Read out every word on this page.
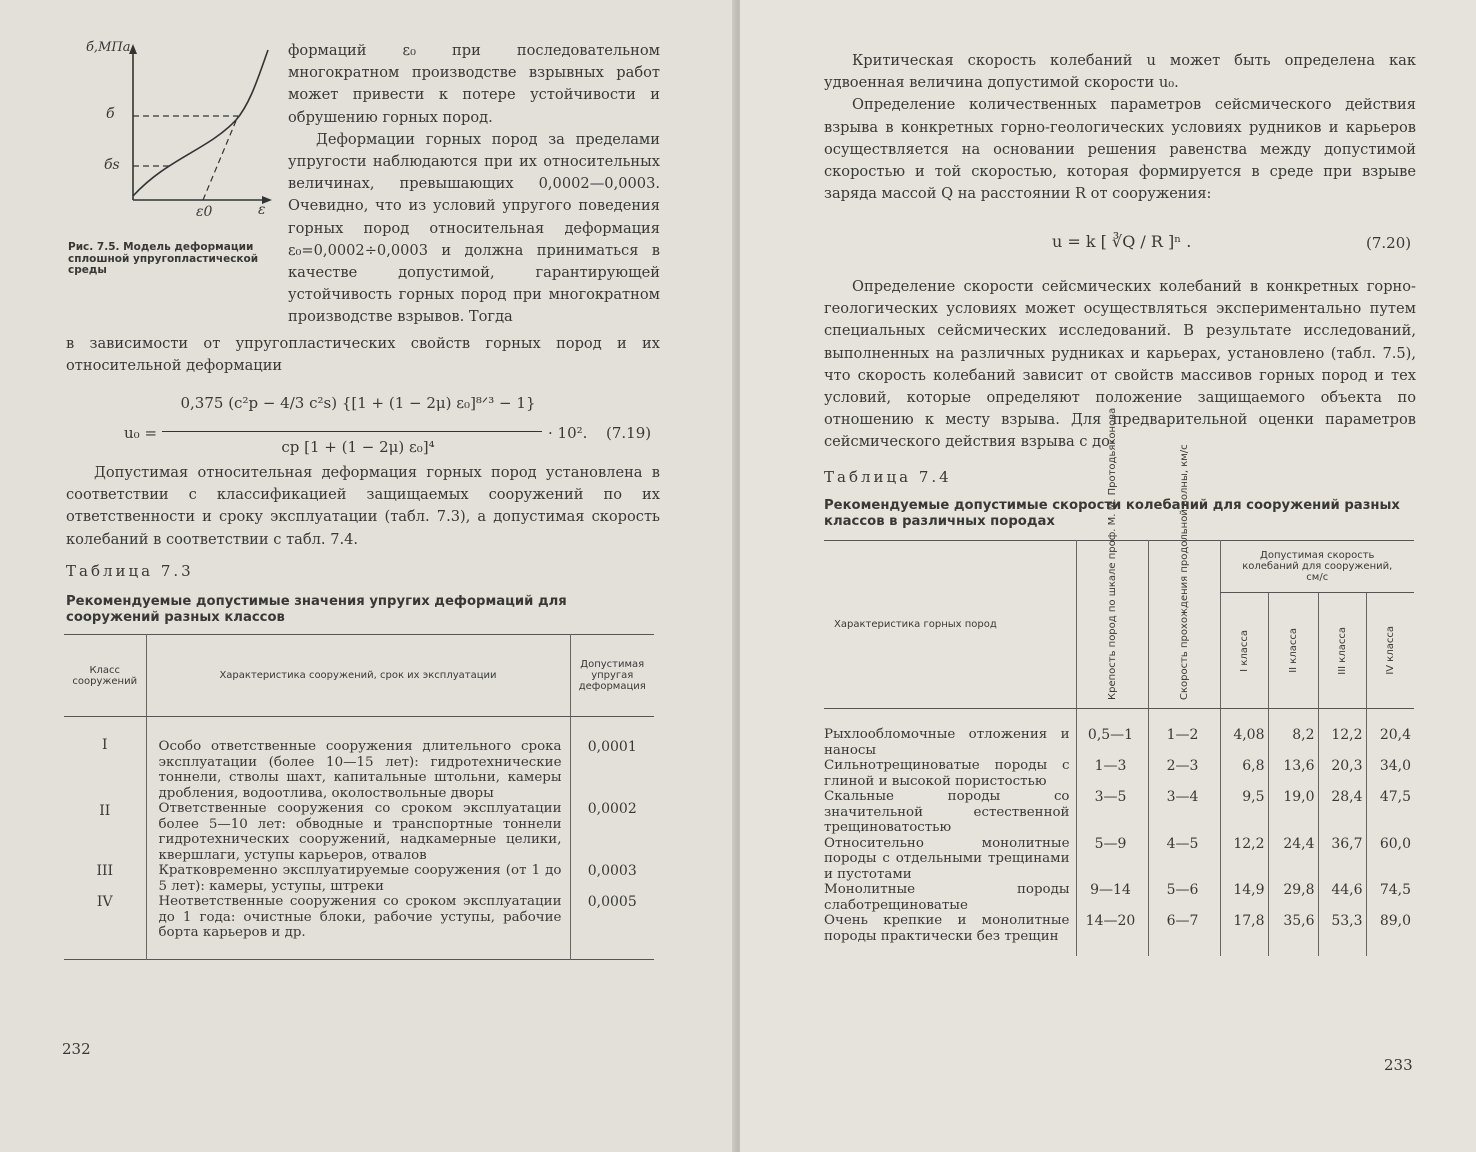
б,МПа
б̄
бs
ε0	ε
Рис. 7.5. Модель деформации сплошной упругопластической среды

формаций ε₀ при последовательном многократном производстве взрывных работ может привести к потере устойчивости и обрушению горных пород.

Деформации горных пород за пределами упругости наблюдаются при их относительных величинах, превышающих 0,0002—0,0003. Очевидно, что из условий упругого поведения горных пород относительная деформация ε₀=0,0002÷0,0003 и должна приниматься в качестве допустимой, гарантирующей устойчивость горных пород при многократном производстве взрывов. Тогда

в зависимости от упругопластических свойств горных пород и их относительной деформации
u₀ =
0,375 (c²p − 4/3 c²s) {[1 + (1 − 2μ) ε₀]⁸ᐟ³ − 1}
cp [1 + (1 − 2μ) ε₀]⁴
· 10². (7.19)
Допустимая относительная деформация горных пород установлена в соответствии с классификацией защищаемых сооружений по их ответственности и сроку эксплуатации (табл. 7.3), а допустимая скорость колебаний в соответствии с табл. 7.4.
Таблица 7.3
Рекомендуемые допустимые значения упругих деформаций для сооружений разных классов
Класс сооружений	Характеристика сооружений, срок их эксплуатации	Допустимая упругая деформация
I	Особо ответственные сооружения длительного срока эксплуатации (более 10—15 лет): гидротехнические тоннели, стволы шахт, капитальные штольни, камеры дробления, водоотлива, околоствольные дворы	0,0001
II	Ответственные сооружения со сроком эксплуатации более 5—10 лет: обводные и транспортные тоннели гидротехнических сооружений, надкамерные целики, квершлаги, уступы карьеров, отвалов	0,0002
III	Кратковременно эксплуатируемые сооружения (от 1 до 5 лет): камеры, уступы, штреки	0,0003
IV	Неответственные сооружения со сроком эксплуатации до 1 года: очистные блоки, рабочие уступы, рабочие борта карьеров и др.	0,0005
232

Критическая скорость колебаний u может быть определена как удвоенная величина допустимой скорости u₀.

Определение количественных параметров сейсмического действия взрыва в конкретных горно-геологических условиях рудников и карьеров осуществляется на основании решения равенства между допустимой скоростью и той скоростью, которая формируется в среде при взрыве заряда массой Q на расстоянии R от сооружения:

u = k [ ∛Q / R ]ⁿ .	(7.20)
Определение скорости сейсмических колебаний в конкретных горно-геологических условиях может осуществляться экспериментально путем специальных сейсмических исследований. В результате исследований, выполненных на различных рудниках и карьерах, установлено (табл. 7.5), что скорость колебаний зависит от свойств массивов горных пород и тех условий, которые определяют положение защищаемого объекта по отношению к месту взрыва. Для предварительной оценки параметров сейсмического действия взрыва с до-
Таблица 7.4
Рекомендуемые допустимые скорости колебаний для сооружений разных классов в различных породах
Характеристика горных пород	Крепость пород по шкале проф. М. М. Протодьяконова	Скорость прохождения продольной волны, км/с	Допустимая скорость колебаний для сооружений, см/с			

			I класса	II класса	III класса	IV класса

Рыхлообломочные отложения и наносы	0,5—1	1—2	4,08	8,2	12,2	20,4
Сильнотрещиноватые породы с глиной и высокой пористостью	1—3	2—3	6,8	13,6	20,3	34,0
Скальные породы со значительной естественной трещиноватостью	3—5	3—4	9,5	19,0	28,4	47,5
Относительно монолитные породы с отдельными трещинами и пустотами	5—9	4—5	12,2	24,4	36,7	60,0
Монолитные породы слаботрещиноватые	9—14	5—6	14,9	29,8	44,6	74,5
Очень крепкие и монолитные породы практически без трещин	14—20	6—7	17,8	35,6	53,3	89,0
233
